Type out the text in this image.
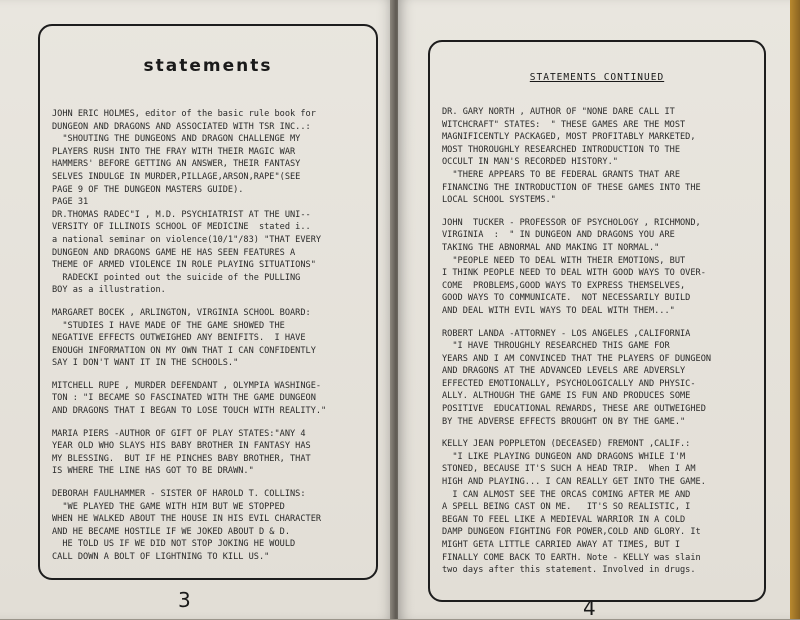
statements
JOHN ERIC HOLMES, editor of the basic rule book for
DUNGEON AND DRAGONS AND ASSOCIATED WITH TSR INC..:
"SHOUTING THE DUNGEONS AND DRAGON CHALLENGE MY
PLAYERS RUSH INTO THE FRAY WITH THEIR MAGIC WAR
HAMMERS' BEFORE GETTING AN ANSWER, THEIR FANTASY
SELVES INDULGE IN MURDER,PILLAGE,ARSON,RAPE"(SEE
PAGE 9 OF THE DUNGEON MASTERS GUIDE).
PAGE 31
DR.THOMAS RADEC"I , M.D. PSYCHIATRIST AT THE UNI--
VERSITY OF ILLINOIS SCHOOL OF MEDICINE  stated i..
a national seminar on violence(10/1"/83) "THAT EVERY
DUNGEON AND DRAGONS GAME HE HAS SEEN FEATURES A
THEME OF ARMED VIOLENCE IN ROLE PLAYING SITUATIONS"
RADECKI pointed out the suicide of the PULLING
BOY as a illustration.
MARGARET BOCEK , ARLINGTON, VIRGINIA SCHOOL BOARD:
"STUDIES I HAVE MADE OF THE GAME SHOWED THE
NEGATIVE EFFECTS OUTWEIGHED ANY BENIFITS.  I HAVE
ENOUGH INFORMATION ON MY OWN THAT I CAN CONFIDENTLY
SAY I DON'T WANT IT IN THE SCHOOLS."
MITCHELL RUPE , MURDER DEFENDANT , OLYMPIA WASHINGE-
TON : "I BECAME SO FASCINATED WITH THE GAME DUNGEON
AND DRAGONS THAT I BEGAN TO LOSE TOUCH WITH REALITY."
MARIA PIERS -AUTHOR OF GIFT OF PLAY STATES:"ANY 4
YEAR OLD WHO SLAYS HIS BABY BROTHER IN FANTASY HAS
MY BLESSING.  BUT IF HE PINCHES BABY BROTHER, THAT
IS WHERE THE LINE HAS GOT TO BE DRAWN."
DEBORAH FAULHAMMER - SISTER OF HAROLD T. COLLINS:
"WE PLAYED THE GAME WITH HIM BUT WE STOPPED
WHEN HE WALKED ABOUT THE HOUSE IN HIS EVIL CHARACTER
AND HE BECAME HOSTILE IF WE JOKED ABOUT D & D.
HE TOLD US IF WE DID NOT STOP JOKING HE WOULD
CALL DOWN A BOLT OF LIGHTNING TO KILL US."
3
STATEMENTS CONTINUED
DR. GARY NORTH , AUTHOR OF "NONE DARE CALL IT
WITCHCRAFT" STATES:  " THESE GAMES ARE THE MOST
MAGNIFICENTLY PACKAGED, MOST PROFITABLY MARKETED,
MOST THOROUGHLY RESEARCHED INTRODUCTION TO THE
OCCULT IN MAN'S RECORDED HISTORY."
"THERE APPEARS TO BE FEDERAL GRANTS THAT ARE
FINANCING THE INTRODUCTION OF THESE GAMES INTO THE
LOCAL SCHOOL SYSTEMS."
JOHN  TUCKER - PROFESSOR OF PSYCHOLOGY , RICHMOND,
VIRGINIA  :  " IN DUNGEON AND DRAGONS YOU ARE
TAKING THE ABNORMAL AND MAKING IT NORMAL."
"PEOPLE NEED TO DEAL WITH THEIR EMOTIONS, BUT
I THINK PEOPLE NEED TO DEAL WITH GOOD WAYS TO OVER-
COME  PROBLEMS,GOOD WAYS TO EXPRESS THEMSELVES,
GOOD WAYS TO COMMUNICATE.  NOT NECESSARILY BUILD
AND DEAL WITH EVIL WAYS TO DEAL WITH THEM..."
ROBERT LANDA -ATTORNEY - LOS ANGELES ,CALIFORNIA
"I HAVE THROUGHLY RESEARCHED THIS GAME FOR
YEARS AND I AM CONVINCED THAT THE PLAYERS OF DUNGEON
AND DRAGONS AT THE ADVANCED LEVELS ARE ADVERSLY
EFFECTED EMOTIONALLY, PSYCHOLOGICALLY AND PHYSIC-
ALLY. ALTHOUGH THE GAME IS FUN AND PRODUCES SOME
POSITIVE  EDUCATIONAL REWARDS, THESE ARE OUTWEIGHED
BY THE ADVERSE EFFECTS BROUGHT ON BY THE GAME."
KELLY JEAN POPPLETON (DECEASED) FREMONT ,CALIF.:
"I LIKE PLAYING DUNGEON AND DRAGONS WHILE I'M
STONED, BECAUSE IT'S SUCH A HEAD TRIP.  When I AM
HIGH AND PLAYING... I CAN REALLY GET INTO THE GAME.
I CAN ALMOST SEE THE ORCAS COMING AFTER ME AND
A SPELL BEING CAST ON ME.   IT'S SO REALISTIC, I
BEGAN TO FEEL LIKE A MEDIEVAL WARRIOR IN A COLD
DAMP DUNGEON FIGHTING FOR POWER,COLD AND GLORY. It
MIGHT GETA LITTLE CARRIED AWAY AT TIMES, BUT I
FINALLY COME BACK TO EARTH. Note - KELLY was slain
two days after this statement. Involved in drugs.
4
